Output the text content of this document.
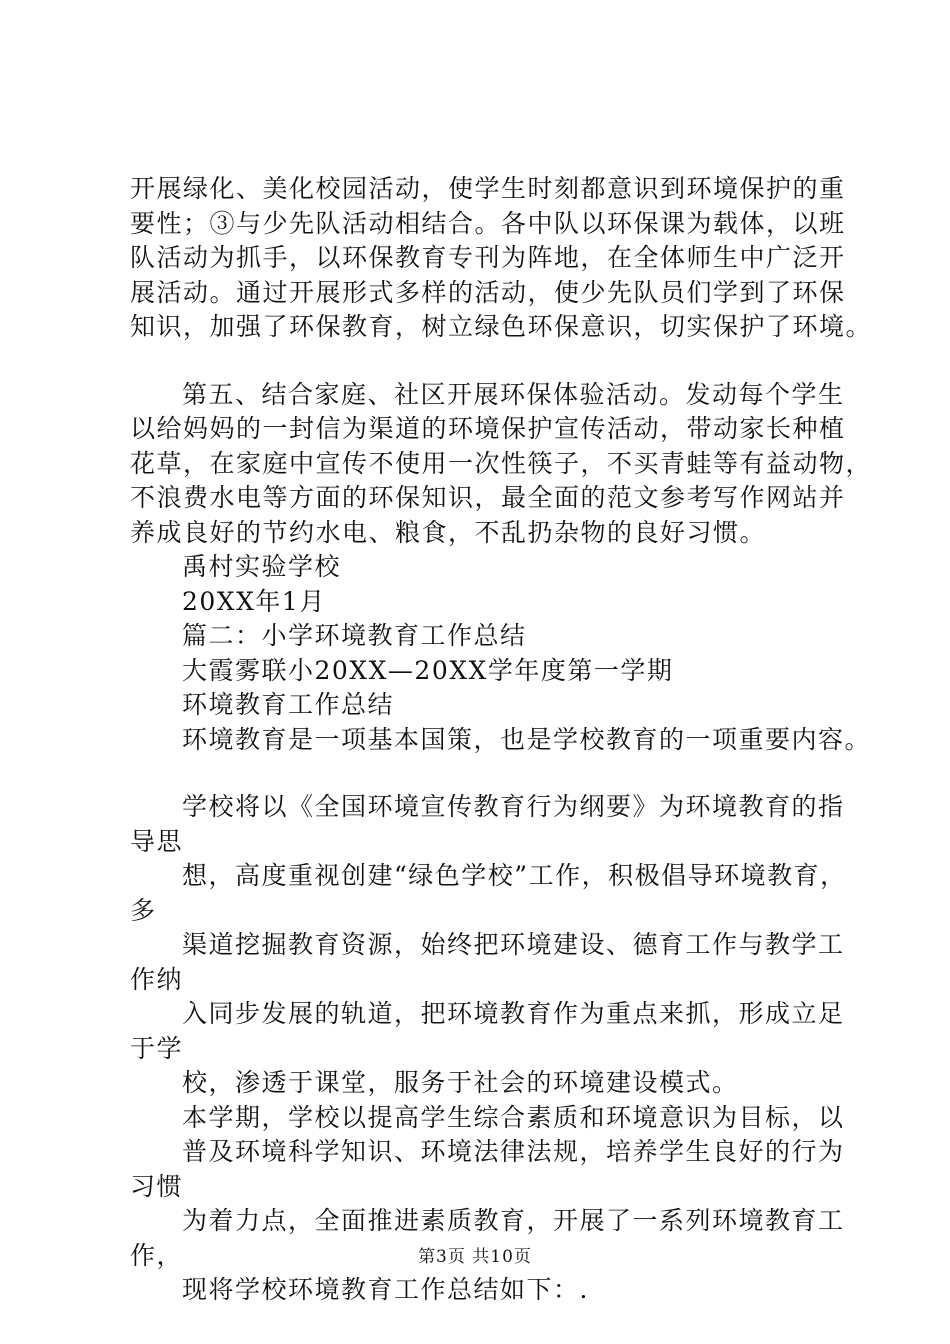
开展绿化、美化校园活动，使学生时刻都意识到环境保护的重
要性；③与少先队活动相结合。各中队以环保课为载体，以班
队活动为抓手，以环保教育专刊为阵地，在全体师生中广泛开
展活动。通过开展形式多样的活动，使少先队员们学到了环保
知识，加强了环保教育，树立绿色环保意识，切实保护了环境。
第五、结合家庭、社区开展环保体验活动。发动每个学生
以给妈妈的一封信为渠道的环境保护宣传活动，带动家长种植
花草，在家庭中宣传不使用一次性筷子，不买青蛙等有益动物，
不浪费水电等方面的环保知识，最全面的范文参考写作网站并
养成良好的节约水电、粮食，不乱扔杂物的良好习惯。
禹村实验学校
20XX年1月
篇二：小学环境教育工作总结
大霞雾联小20XX—20XX学年度第一学期
环境教育工作总结
环境教育是一项基本国策，也是学校教育的一项重要内容。
学校将以《全国环境宣传教育行为纲要》为环境教育的指
导思
想，高度重视创建“绿色学校”工作，积极倡导环境教育，
多
渠道挖掘教育资源，始终把环境建设、德育工作与教学工
作纳
入同步发展的轨道，把环境教育作为重点来抓，形成立足
于学
校，渗透于课堂，服务于社会的环境建设模式。
本学期，学校以提高学生综合素质和环境意识为目标，以
普及环境科学知识、环境法律法规，培养学生良好的行为
习惯
为着力点，全面推进素质教育，开展了一系列环境教育工
作，
现将学校环境教育工作总结如下：.
第3页 共10页
